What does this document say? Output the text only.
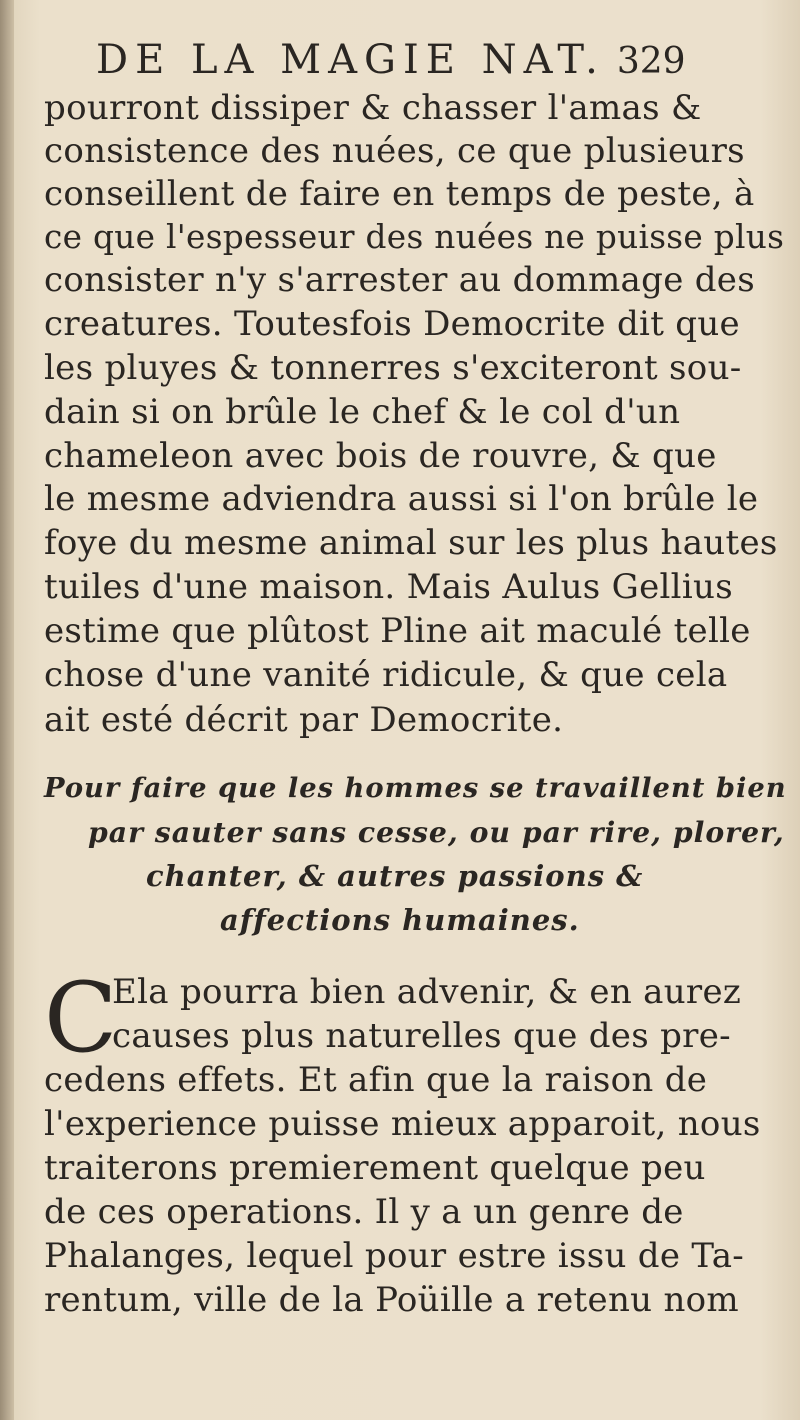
DE LA MAGIE NAT. 329
pourront dissiper & chasser l'amas &
consistence des nuées, ce que plusieurs
conseillent de faire en temps de peste, à
ce que l'espesseur des nuées ne puisse plus
consister n'y s'arrester au dommage des
creatures. Toutesfois Democrite dit que
les pluyes & tonnerres s'exciteront sou-
dain si on brûle le chef & le col d'un
chameleon avec bois de rouvre, & que
le mesme adviendra aussi si l'on brûle le
foye du mesme animal sur les plus hautes
tuiles d'une maison. Mais Aulus Gellius
estime que plûtost Pline ait maculé telle
chose d'une vanité ridicule, & que cela
ait esté décrit par Democrite.
Pour faire que les hommes se travaillent bien
par sauter sans cesse, ou par rire, plorer,
chanter, & autres passions &
affections humaines.
C
Ela pourra bien advenir, & en aurez
causes plus naturelles que des pre-
cedens effets. Et afin que la raison de
l'experience puisse mieux apparoit, nous
traiterons premierement quelque peu
de ces operations. Il y a un genre de
Phalanges, lequel pour estre issu de Ta-
rentum, ville de la Poüille a retenu nom
